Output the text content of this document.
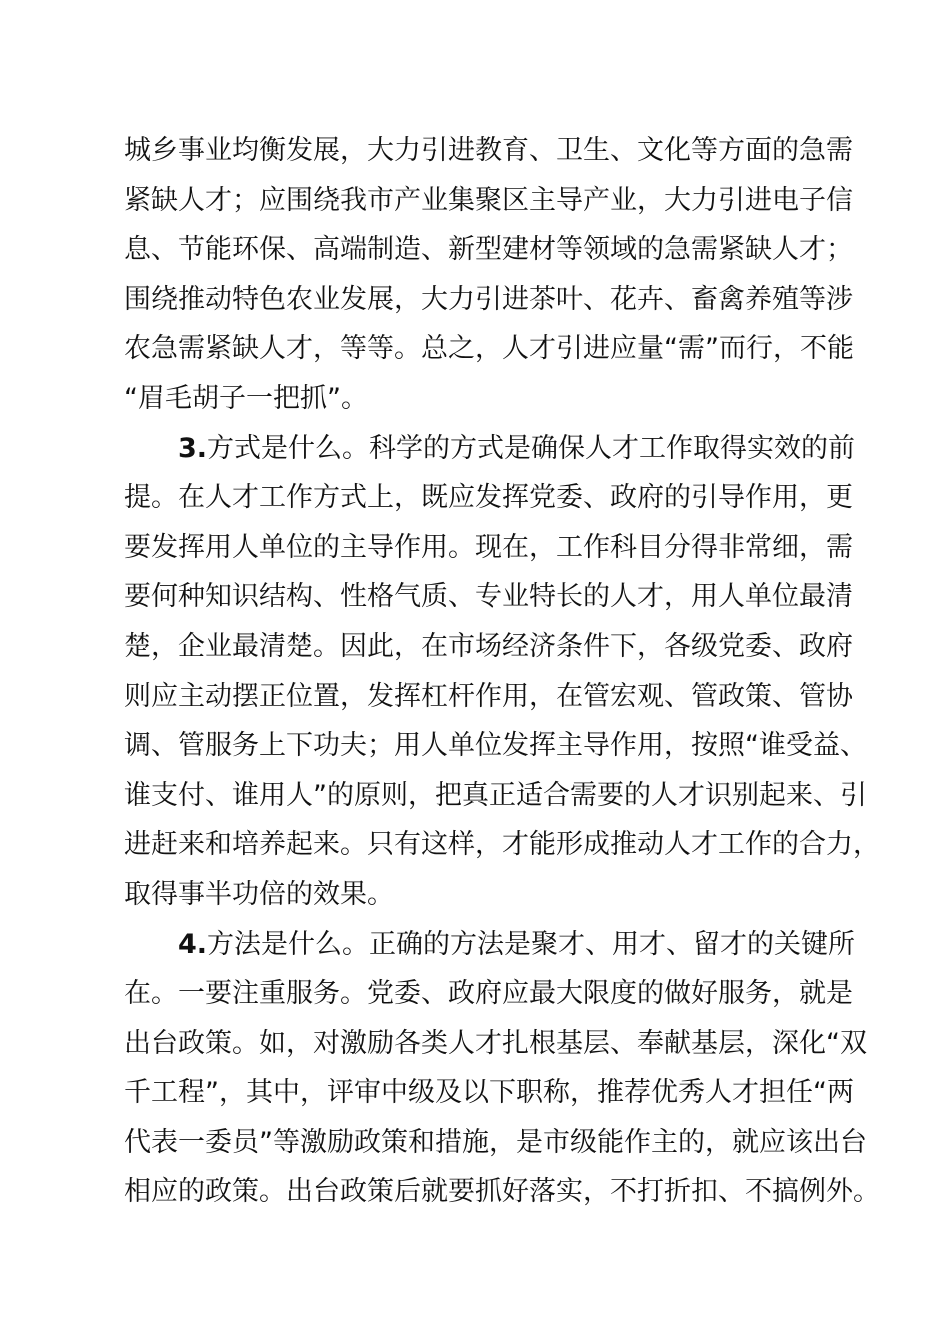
城乡事业均衡发展，大力引进教育、卫生、文化等方面的急需
紧缺人才；应围绕我市产业集聚区主导产业，大力引进电子信
息、节能环保、高端制造、新型建材等领域的急需紧缺人才；
围绕推动特色农业发展，大力引进茶叶、花卉、畜禽养殖等涉
农急需紧缺人才，等等。总之，人才引进应量“需”而行，不能
“眉毛胡子一把抓”。
3.方式是什么。科学的方式是确保人才工作取得实效的前
提。在人才工作方式上，既应发挥党委、政府的引导作用，更
要发挥用人单位的主导作用。现在，工作科目分得非常细，需
要何种知识结构、性格气质、专业特长的人才，用人单位最清
楚，企业最清楚。因此，在市场经济条件下，各级党委、政府
则应主动摆正位置，发挥杠杆作用，在管宏观、管政策、管协
调、管服务上下功夫；用人单位发挥主导作用，按照“谁受益、
谁支付、谁用人”的原则，把真正适合需要的人才识别起来、引
进赶来和培养起来。只有这样，才能形成推动人才工作的合力，
取得事半功倍的效果。
4.方法是什么。正确的方法是聚才、用才、留才的关键所
在。一要注重服务。党委、政府应最大限度的做好服务，就是
出台政策。如，对激励各类人才扎根基层、奉献基层，深化“双
千工程”，其中，评审中级及以下职称，推荐优秀人才担任“两
代表一委员”等激励政策和措施，是市级能作主的，就应该出台
相应的政策。出台政策后就要抓好落实，不打折扣、不搞例外。
